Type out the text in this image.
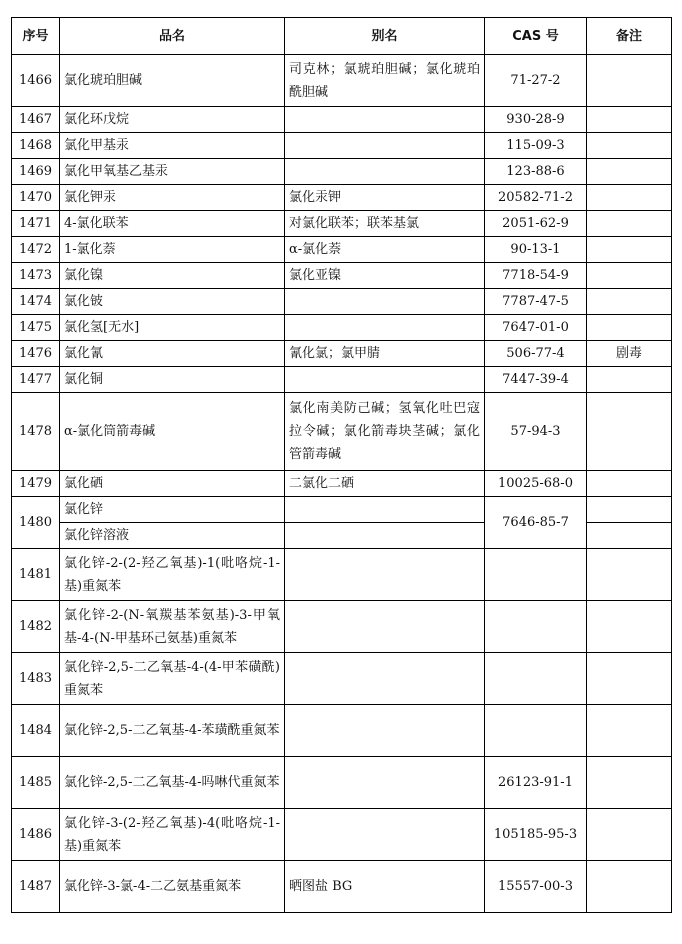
序号	品名	别名	CAS 号	备注
1466	氯化琥珀胆碱	司克林；氯琥珀胆碱；氯化琥珀酰胆碱	71-27-2	
1467	氯化环戊烷		930-28-9	
1468	氯化甲基汞		115-09-3	
1469	氯化甲氧基乙基汞		123-88-6	
1470	氯化钾汞	氯化汞钾	20582-71-2	
1471	4-氯化联苯	对氯化联苯；联苯基氯	2051-62-9	
1472	1-氯化萘	α-氯化萘	90-13-1	
1473	氯化镍	氯化亚镍	7718-54-9	
1474	氯化铍		7787-47-5	
1475	氯化氢[无水]		7647-01-0	
1476	氯化氰	氰化氯；氯甲腈	506-77-4	剧毒
1477	氯化铜		7447-39-4	
1478	α-氯化筒箭毒碱	氯化南美防己碱；氢氧化吐巴寇拉令碱；氯化箭毒块茎碱；氯化管箭毒碱	57-94-3	
1479	氯化硒	二氯化二硒	10025-68-0	
1480	氯化锌		7646-85-7	
	氯化锌溶液			
1481	氯化锌-2-(2-羟乙氧基)-1(吡咯烷-1-基)重氮苯			
1482	氯化锌-2-(N-氧羰基苯氨基)-3-甲氧基-4-(N-甲基环己氨基)重氮苯			
1483	氯化锌-2,5-二乙氧基-4-(4-甲苯磺酰)重氮苯			
1484	氯化锌-2,5-二乙氧基-4-苯璜酰重氮苯			
1485	氯化锌-2,5-二乙氧基-4-吗啉代重氮苯		26123-91-1	
1486	氯化锌-3-(2-羟乙氧基)-4(吡咯烷-1-基)重氮苯		105185-95-3	
1487	氯化锌-3-氯-4-二乙氨基重氮苯	晒图盐 BG	15557-00-3	
